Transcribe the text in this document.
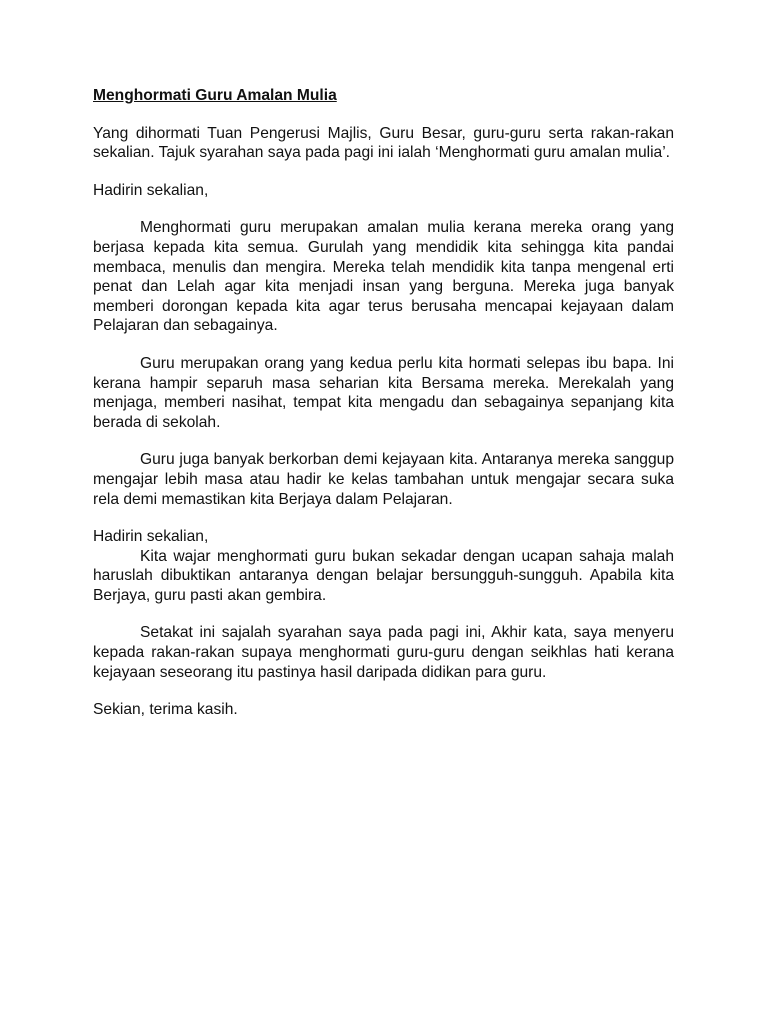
Menghormati Guru Amalan Mulia

Yang dihormati Tuan Pengerusi Majlis, Guru Besar, guru-guru serta rakan-rakan sekalian. Tajuk syarahan saya pada pagi ini ialah ‘Menghormati guru amalan mulia’.

Hadirin sekalian,

Menghormati guru merupakan amalan mulia kerana mereka orang yang berjasa kepada kita semua. Gurulah yang mendidik kita sehingga kita pandai membaca, menulis dan mengira. Mereka telah mendidik kita tanpa mengenal erti penat dan Lelah agar kita menjadi insan yang berguna. Mereka juga banyak memberi dorongan kepada kita agar terus berusaha mencapai kejayaan dalam Pelajaran dan sebagainya.

Guru merupakan orang yang kedua perlu kita hormati selepas ibu bapa. Ini kerana hampir separuh masa seharian kita Bersama mereka. Merekalah yang menjaga, memberi nasihat, tempat kita mengadu dan sebagainya sepanjang kita berada di sekolah.

Guru juga banyak berkorban demi kejayaan kita. Antaranya mereka sanggup mengajar lebih masa atau hadir ke kelas tambahan untuk mengajar secara suka rela demi memastikan kita Berjaya dalam Pelajaran.

Hadirin sekalian,

Kita wajar menghormati guru bukan sekadar dengan ucapan sahaja malah haruslah dibuktikan antaranya dengan belajar bersungguh-sungguh. Apabila kita Berjaya, guru pasti akan gembira.

Setakat ini sajalah syarahan saya pada pagi ini, Akhir kata, saya menyeru kepada rakan-rakan supaya menghormati guru-guru dengan seikhlas hati kerana kejayaan seseorang itu pastinya hasil daripada didikan para guru.

Sekian, terima kasih.
